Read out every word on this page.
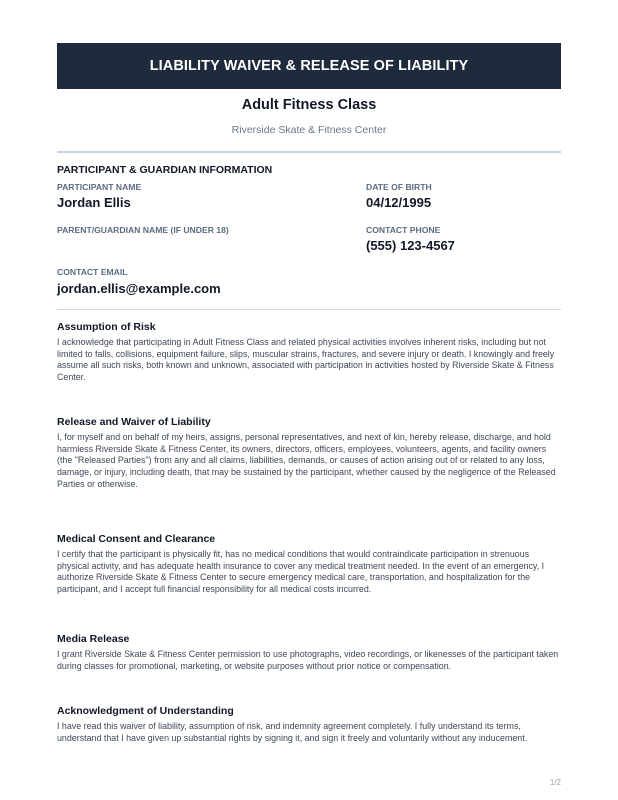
LIABILITY WAIVER & RELEASE OF LIABILITY
Adult Fitness Class
Riverside Skate & Fitness Center
PARTICIPANT & GUARDIAN INFORMATION
PARTICIPANT NAME
Jordan Ellis
DATE OF BIRTH
04/12/1995
PARENT/GUARDIAN NAME (IF UNDER 18)	CONTACT PHONE
(555) 123-4567
CONTACT EMAIL
jordan.ellis@example.com
Assumption of Risk

I acknowledge that participating in Adult Fitness Class and related physical activities involves inherent risks, including but not limited to falls, collisions, equipment failure, slips, muscular strains, fractures, and severe injury or death. I knowingly and freely assume all such risks, both known and unknown, associated with participation in activities hosted by Riverside Skate & Fitness Center.

Release and Waiver of Liability

I, for myself and on behalf of my heirs, assigns, personal representatives, and next of kin, hereby release, discharge, and hold harmless Riverside Skate & Fitness Center, its owners, directors, officers, employees, volunteers, agents, and facility owners (the "Released Parties") from any and all claims, liabilities, demands, or causes of action arising out of or related to any loss, damage, or injury, including death, that may be sustained by the participant, whether caused by the negligence of the Released Parties or otherwise.

Medical Consent and Clearance

I certify that the participant is physically fit, has no medical conditions that would contraindicate participation in strenuous physical activity, and has adequate health insurance to cover any medical treatment needed. In the event of an emergency, I authorize Riverside Skate & Fitness Center to secure emergency medical care, transportation, and hospitalization for the participant, and I accept full financial responsibility for all medical costs incurred.

Media Release

I grant Riverside Skate & Fitness Center permission to use photographs, video recordings, or likenesses of the participant taken during classes for promotional, marketing, or website purposes without prior notice or compensation.

Acknowledgment of Understanding

I have read this waiver of liability, assumption of risk, and indemnity agreement completely. I fully understand its terms, understand that I have given up substantial rights by signing it, and sign it freely and voluntarily without any inducement.

1/2
